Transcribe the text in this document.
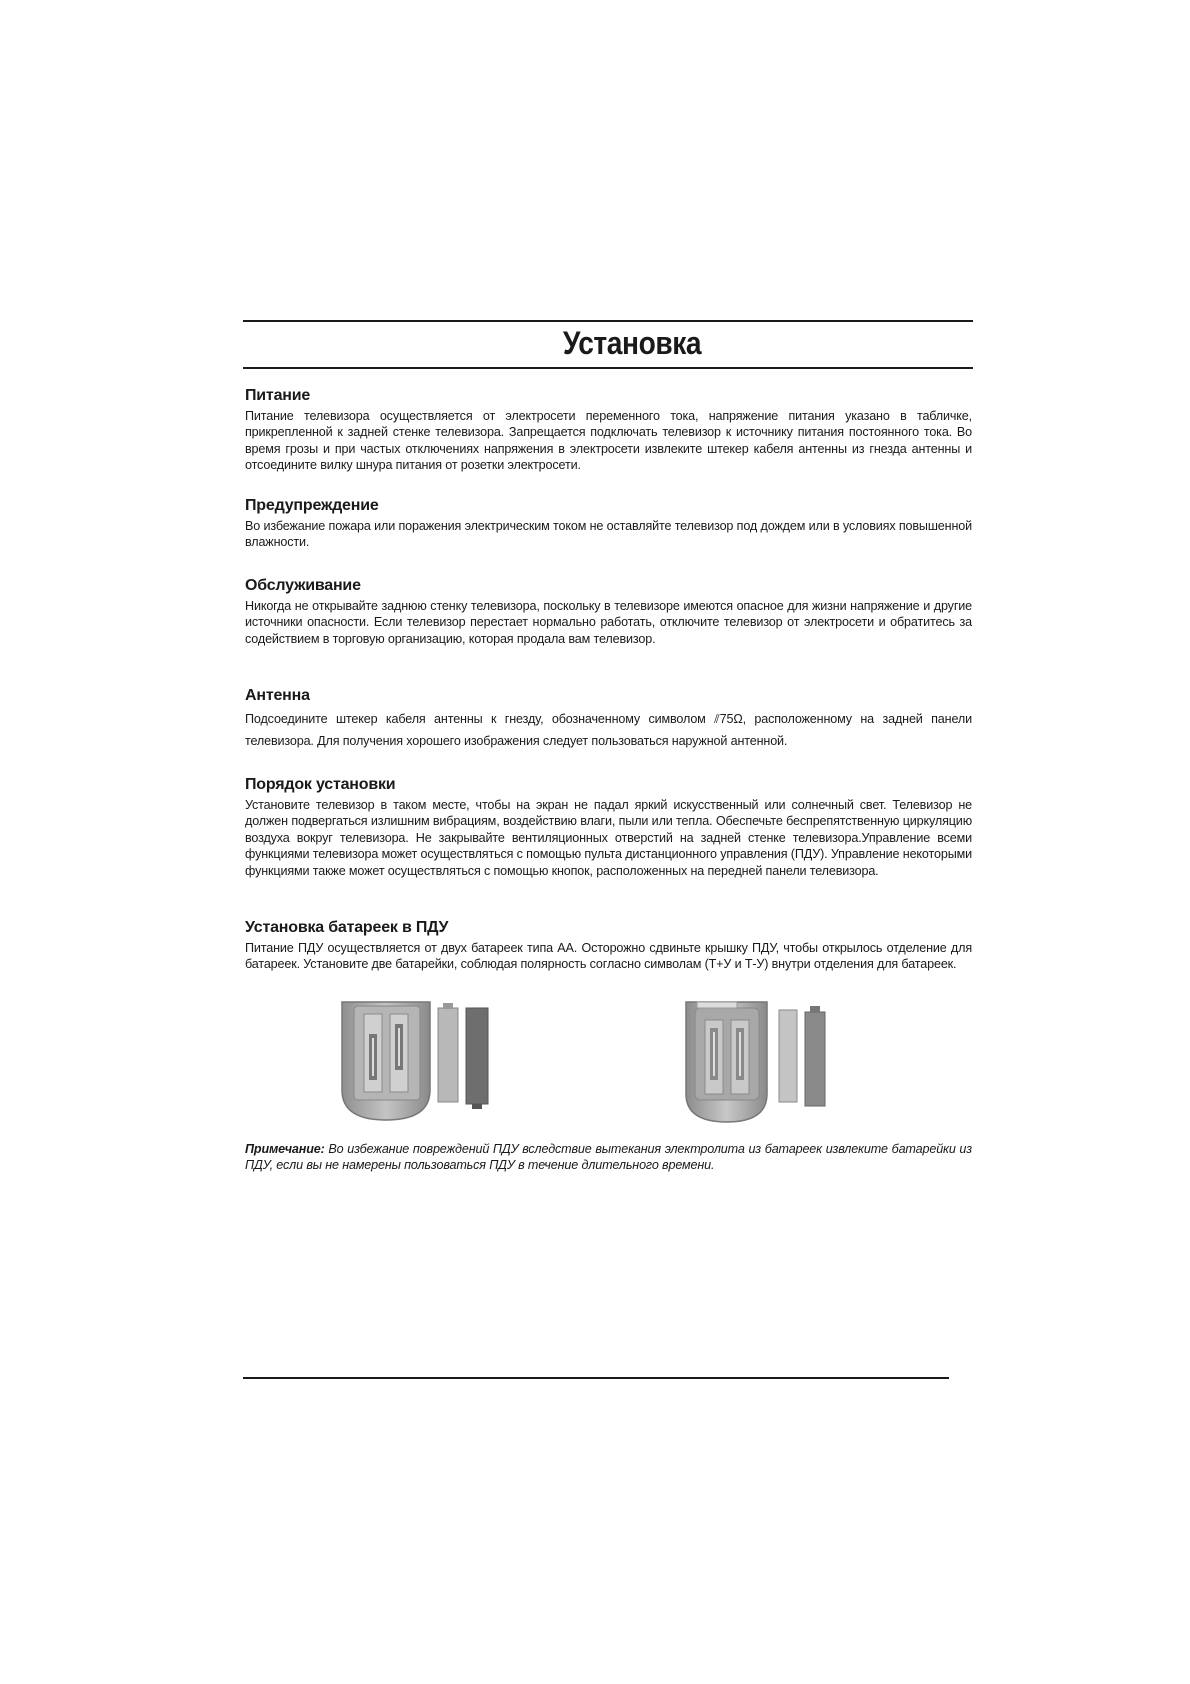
Установка
Питание

Питание телевизора осуществляется от электросети переменного тока, напряжение питания указано в табличке, прикрепленной к задней стенке телевизора. Запрещается подключать телевизор к источнику питания постоянного тока. Во время грозы и при частых отключениях напряжения в электросети извлеките штекер кабеля антенны из гнезда антенны и отсоедините вилку шнура питания от розетки электросети.

Предупреждение

Во избежание пожара или поражения электрическим током не оставляйте телевизор под дождем или в условиях повышенной влажности.

Обслуживание

Никогда не открывайте заднюю стенку телевизора, поскольку в телевизоре имеются опасное для жизни напряжение и другие источники опасности. Если телевизор перестает нормально работать, отключите телевизор от электросети и обратитесь за содействием в торговую организацию, которая продала вам телевизор.

Антенна

Подсоедините штекер кабеля антенны к гнезду, обозначенному символом ⫽75Ω, расположенному на задней панели телевизора. Для получения хорошего изображения следует пользоваться наружной антенной.

Порядок установки

Установите телевизор в таком месте, чтобы на экран не падал яркий искусственный или солнечный свет. Телевизор не должен подвергаться излишним вибрациям, воздействию влаги, пыли или тепла. Обеспечьте беспрепятственную циркуляцию воздуха вокруг телевизора. Не закрывайте вентиляционных отверстий на задней стенке телевизора.Управление всеми функциями телевизора может осуществляться с помощью пульта дистанционного управления (ПДУ). Управление некоторыми функциями также может осуществляться с помощью кнопок, расположенных на передней панели телевизора.

Установка батареек в ПДУ

Питание ПДУ осуществляется от двух батареек типа АА. Осторожно сдвиньте крышку ПДУ, чтобы открылось отделение для батареек. Установите две батарейки, соблюдая полярность согласно символам (Т+У и Т-У) внутри отделения для батареек.

Примечание: Во избежание повреждений ПДУ вследствие вытекания электролита из батареек извлеките батарейки из ПДУ, если вы не намерены пользоваться ПДУ в течение длительного времени.
